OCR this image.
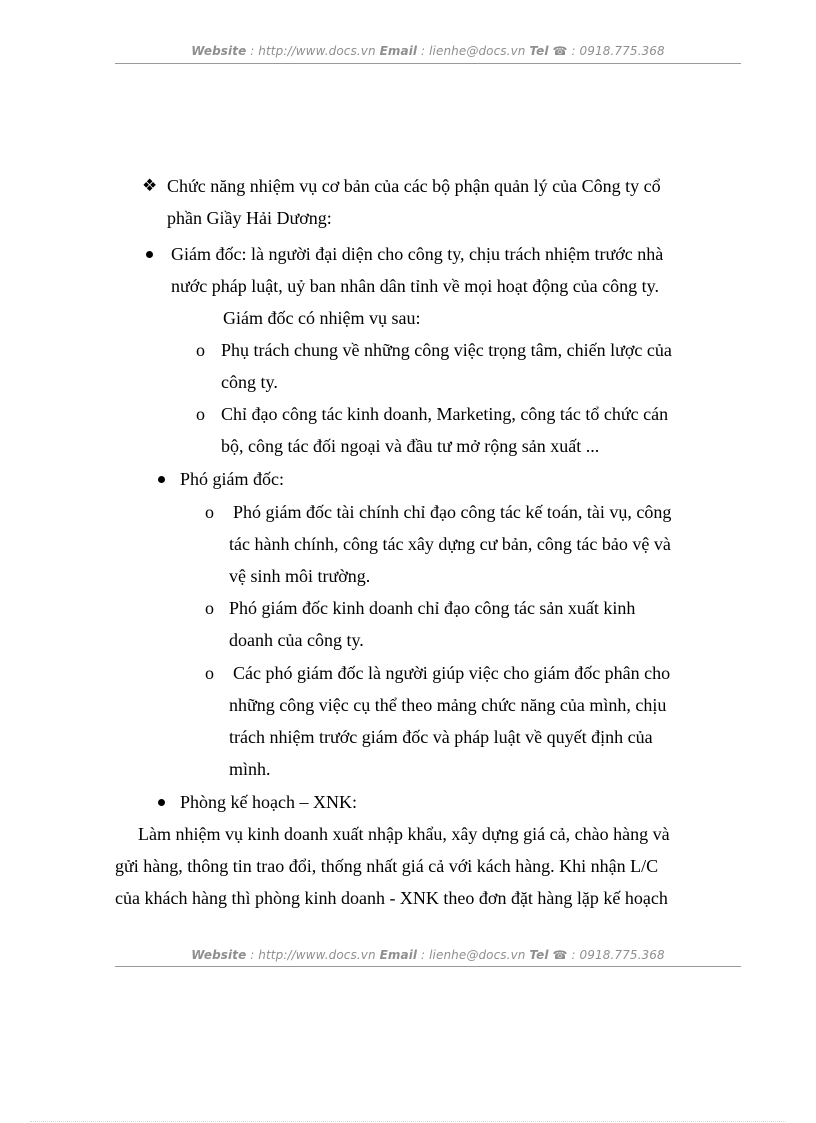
Website : http://www.docs.vn Email : lienhe@docs.vn Tel ☎ : 0918.775.368
❖ Chức năng nhiệm vụ cơ bản của các bộ phận quản lý của Công ty cổ
phần Giầy Hải Dương:
Giám đốc: là người đại diện cho công ty, chịu trách nhiệm trước nhà
nước pháp luật, uỷ ban nhân dân tỉnh về mọi hoạt động của công ty.
Giám đốc có nhiệm vụ sau:
o Phụ trách chung về những công việc trọng tâm, chiến lược của
công ty.
o Chỉ đạo công tác kinh doanh, Marketing, công tác tổ chức cán
bộ, công tác đối ngoại và đầu tư mở rộng sản xuất ...
Phó giám đốc:
o Phó giám đốc tài chính chỉ đạo công tác kế toán, tài vụ, công
tác hành chính, công tác xây dựng cư bản, công tác bảo vệ và
vệ sinh môi trường.
o Phó giám đốc kinh doanh chỉ đạo công tác sản xuất kinh
doanh của công ty.
o Các phó giám đốc là người giúp việc cho giám đốc phân cho
những công việc cụ thể theo mảng chức năng của mình, chịu
trách nhiệm trước giám đốc và pháp luật về quyết định của
mình.
Phòng kế hoạch – XNK:
Làm nhiệm vụ kinh doanh xuất nhập khẩu, xây dựng giá cả, chào hàng và
gửi hàng, thông tin trao đổi, thống nhất giá cả với kách hàng. Khi nhận L/C
của khách hàng thì phòng kinh doanh - XNK theo đơn đặt hàng lặp kế hoạch
Website : http://www.docs.vn Email : lienhe@docs.vn Tel ☎ : 0918.775.368
